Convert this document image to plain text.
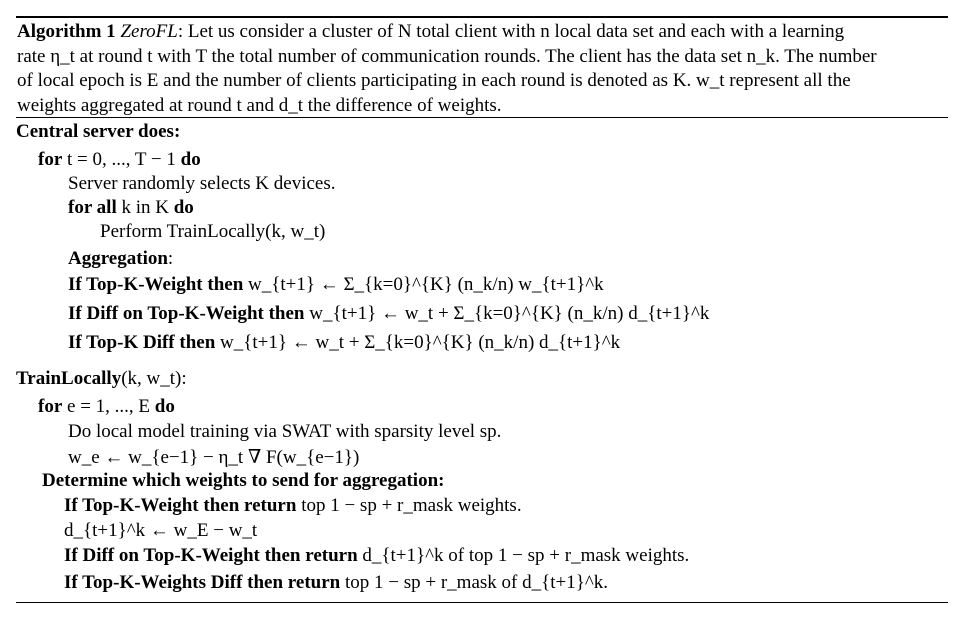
Algorithm 1 ZeroFL: Let us consider a cluster of N total client with n local data set and each with a learning
rate η_t at round t with T the total number of communication rounds. The client has the data set n_k. The number
of local epoch is E and the number of clients participating in each round is denoted as K. w_t represent all the
weights aggregated at round t and d_t the difference of weights.
Central server does:
for t = 0, ..., T − 1 do
Server randomly selects K devices.
for all k in K do
Perform TrainLocally(k, w_t)
Aggregation:
If Top-K-Weight then w_{t+1} ← Σ_{k=0}^{K} (n_k/n) w_{t+1}^k
If Diff on Top-K-Weight then w_{t+1} ← w_t + Σ_{k=0}^{K} (n_k/n) d_{t+1}^k
If Top-K Diff then w_{t+1} ← w_t + Σ_{k=0}^{K} (n_k/n) d_{t+1}^k
TrainLocally(k, w_t):
for e = 1, ..., E do
Do local model training via SWAT with sparsity level sp.
w_e ← w_{e−1} − η_t ∇ F(w_{e−1})
Determine which weights to send for aggregation:
If Top-K-Weight then return top 1 − sp + r_mask weights.
d_{t+1}^k ← w_E − w_t
If Diff on Top-K-Weight then return d_{t+1}^k of top 1 − sp + r_mask weights.
If Top-K-Weights Diff then return top 1 − sp + r_mask of d_{t+1}^k.
